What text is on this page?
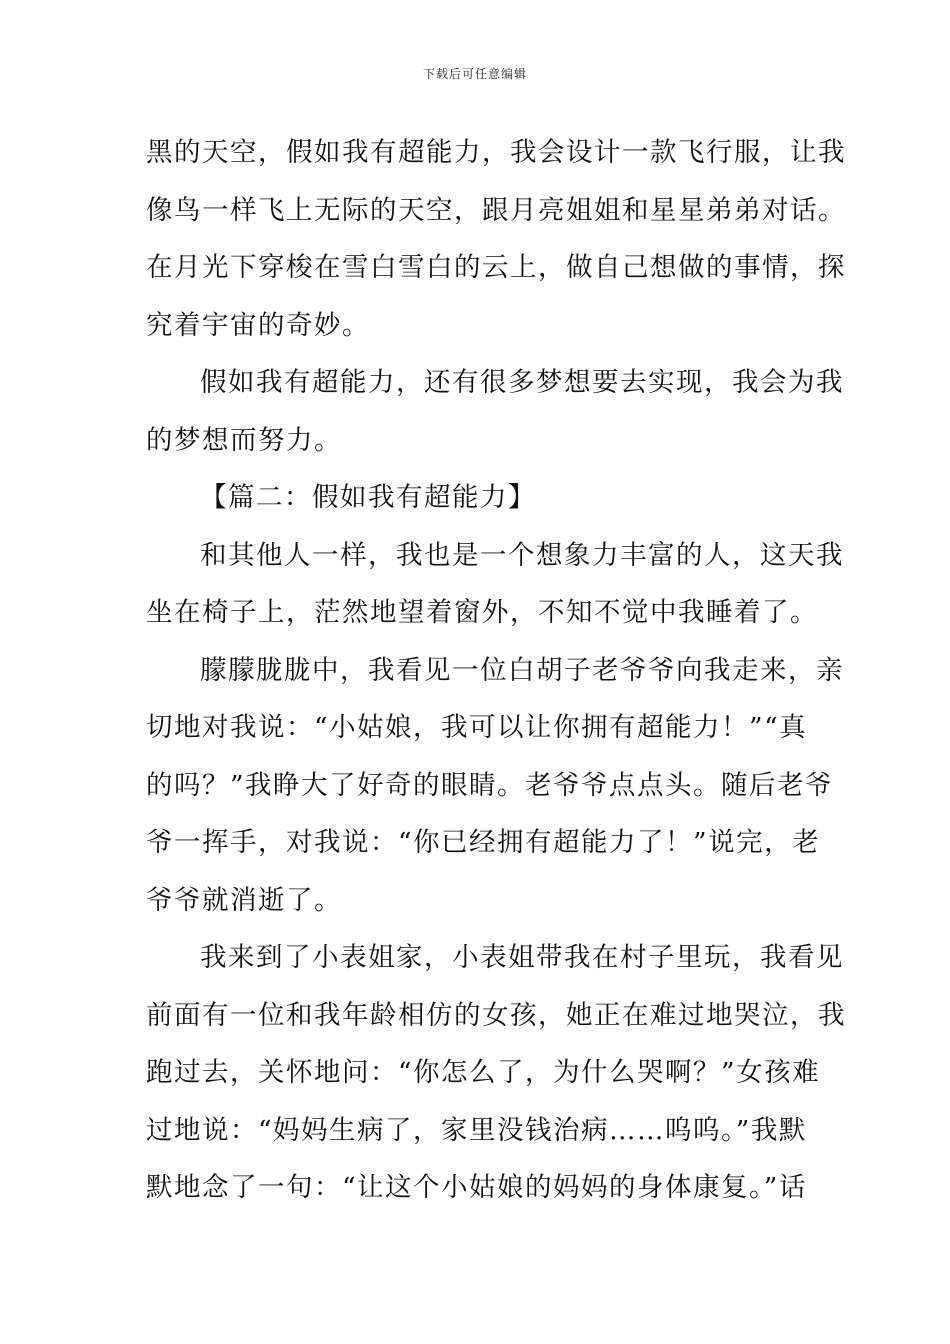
下载后可任意编辑
黑的天空，假如我有超能力，我会设计一款飞行服，让我
像鸟一样飞上无际的天空，跟月亮姐姐和星星弟弟对话。
在月光下穿梭在雪白雪白的云上，做自己想做的事情，探
究着宇宙的奇妙。
假如我有超能力，还有很多梦想要去实现，我会为我
的梦想而努力。
【篇二：假如我有超能力】
和其他人一样，我也是一个想象力丰富的人，这天我
坐在椅子上，茫然地望着窗外，不知不觉中我睡着了。
朦朦胧胧中，我看见一位白胡子老爷爷向我走来，亲
切地对我说：“小姑娘，我可以让你拥有超能力！”“真
的吗？”我睁大了好奇的眼睛。老爷爷点点头。随后老爷
爷一挥手，对我说：“你已经拥有超能力了！”说完，老
爷爷就消逝了。
我来到了小表姐家，小表姐带我在村子里玩，我看见
前面有一位和我年龄相仿的女孩，她正在难过地哭泣，我
跑过去，关怀地问：“你怎么了，为什么哭啊？”女孩难
过地说：“妈妈生病了，家里没钱治病……呜呜。”我默
默地念了一句：“让这个小姑娘的妈妈的身体康复。”话
